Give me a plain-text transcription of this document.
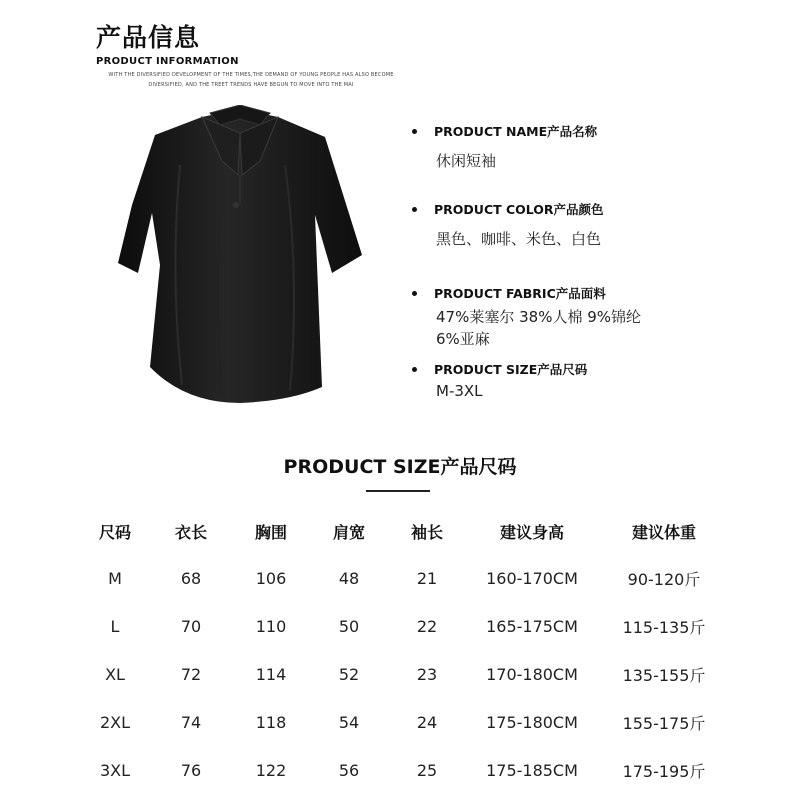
产品信息
PRODUCT INFORMATION
WITH THE DIVERSIFIED DEVELOPMENT OF THE TIMES,THE DEMAND OF YOUNG PEOPLE HAS ALSO BECOME DIVERSIFIED, AND THE TREET TRENDS HAVE BEGUN TO MOVE INTO THE MAI
PRODUCT NAME产品名称
休闲短袖
PRODUCT COLOR产品颜色
黑色、咖啡、米色、白色
PRODUCT FABRIC产品面料
47%莱塞尔 38%人棉 9%锦纶
6%亚麻
PRODUCT SIZE产品尺码
M-3XL
PRODUCT SIZE产品尺码
尺码	衣长	胸围	肩宽	袖长	建议身高	建议体重
M	68	106	48	21	160-170CM	90-120斤
L	70	110	50	22	165-175CM	115-135斤
XL	72	114	52	23	170-180CM	135-155斤
2XL	74	118	54	24	175-180CM	155-175斤
3XL	76	122	56	25	175-185CM	175-195斤
